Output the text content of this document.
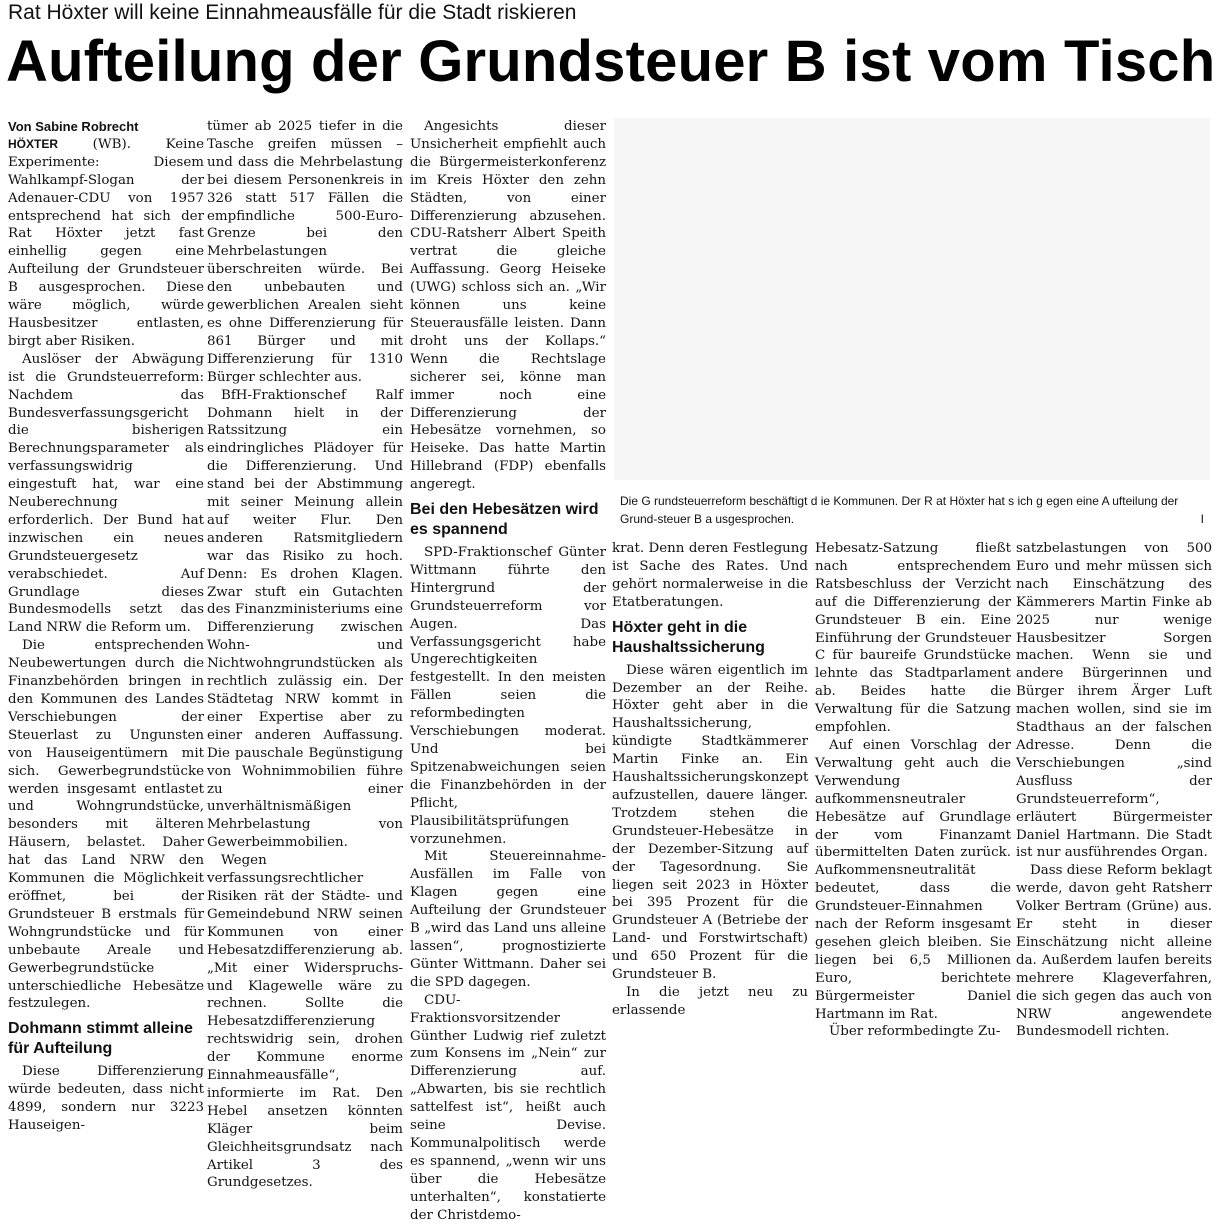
Rat Höxter will keine Einnahmeausfälle für die Stadt riskieren
Aufteilung der Grundsteuer B ist vom Tisch

Von Sabine Robrecht

HÖXTER	(WB). Keine Experimente: Diesem Wahlkampf-Slogan der Adenauer-CDU von 1957 entsprechend hat sich der Rat Höxter jetzt fast einhellig gegen eine Aufteilung der Grundsteuer B ausgesprochen. Diese wäre möglich, würde Hausbesitzer entlasten, birgt aber Risiken.

Auslöser der Abwägung ist die Grundsteuerreform: Nachdem das Bundesverfassungsgericht die bisherigen Berechnungsparameter als verfassungswidrig eingestuft hat, war eine Neuberechnung erforderlich. Der Bund hat inzwischen ein neues Grundsteuergesetz verabschiedet. Auf Grundlage dieses Bundesmodells setzt das Land NRW die Reform um.

Die entsprechenden Neubewertungen durch die Finanzbehörden bringen in den Kommunen des Landes Verschiebungen der Steuerlast zu Ungunsten von Hauseigentümern mit sich. Gewerbegrundstücke werden insgesamt entlastet und Wohngrundstücke, besonders mit älteren Häusern, belastet. Daher hat das Land NRW den Kommunen die Möglichkeit eröffnet, bei der Grundsteuer B erstmals für Wohngrundstücke und für unbebaute Areale und Gewerbegrundstücke unterschiedliche Hebesätze festzulegen.

Dohmann stimmt alleine für Aufteilung

Diese Differenzierung würde bedeuten, dass nicht 4899, sondern nur 3223 Hauseigen-

tümer ab 2025 tiefer in die Tasche greifen müssen – und dass die Mehrbelastung bei diesem Personenkreis in 326 statt 517 Fällen die empfindliche 500-Euro-Grenze bei den Mehrbelastungen überschreiten würde. Bei den unbebauten und gewerblichen Arealen sieht es ohne Differenzierung für 861 Bürger und mit Differenzierung für 1310 Bürger schlechter aus.

BfH-Fraktionschef Ralf Dohmann hielt in der Ratssitzung ein eindringliches Plädoyer für die Differenzierung. Und stand bei der Abstimmung mit seiner Meinung allein auf weiter Flur. Den anderen Ratsmitgliedern war das Risiko zu hoch. Denn: Es drohen Klagen. Zwar stuft ein Gutachten des Finanzministeriums eine Differenzierung zwischen Wohn- und Nichtwohngrundstücken als rechtlich zulässig ein. Der Städtetag NRW kommt in einer Expertise aber zu einer anderen Auffassung. Die pauschale Begünstigung von Wohnimmobilien führe zu einer unverhältnismäßigen Mehrbelastung von Gewerbeimmobilien.

Wegen verfassungsrechtlicher Risiken rät der Städte- und Gemeindebund NRW seinen Kommunen von einer Hebesatzdifferenzierung ab. „Mit einer Widerspruchs- und Klagewelle wäre zu rechnen. Sollte die Hebesatzdifferenzierung rechtswidrig sein, drohen der Kommune enorme Einnahmeausfälle“, informierte im Rat. Den Hebel ansetzen könnten Kläger beim Gleichheitsgrundsatz nach Artikel 3 des Grundgesetzes.

Angesichts dieser Unsicherheit empfiehlt auch die Bürgermeisterkonferenz im Kreis Höxter den zehn Städten, von einer Differenzierung abzusehen. CDU-Ratsherr Albert Speith vertrat die gleiche Auffassung. Georg Heiseke (UWG) schloss sich an. „Wir können uns keine Steuerausfälle leisten. Dann droht uns der Kollaps.“ Wenn die Rechtslage sicherer sei, könne man immer noch eine Differenzierung der Hebesätze vornehmen, so Heiseke. Das hatte Martin Hillebrand (FDP) ebenfalls angeregt.

Bei den Hebesätzen wird es spannend

SPD-Fraktionschef Günter Wittmann führte den Hintergrund der Grundsteuerreform vor Augen. Das Verfassungsgericht habe Ungerechtigkeiten festgestellt. In den meisten Fällen seien die reformbedingten Verschiebungen moderat. Und bei Spitzenabweichungen seien die Finanzbehörden in der Pflicht, Plausibilitätsprüfungen vorzunehmen.

Mit Steuereinnahme-Ausfällen im Falle von Klagen gegen eine Aufteilung der Grundsteuer B „wird das Land uns alleine lassen“, prognostizierte Günter Wittmann. Daher sei die SPD dagegen.

CDU-Fraktionsvorsitzender Günther Ludwig rief zuletzt zum Konsens im „Nein“ zur Differenzierung auf. „Abwarten, bis sie rechtlich sattelfest ist“, heißt auch seine Devise. Kommunalpolitisch werde es spannend, „wenn wir uns über die Hebesätze unterhalten“, konstatierte der Christdemo-

Die G rundsteuerreform beschäftigt d ie Kommunen. Der R at Höxter hat s ich g egen eine A ufteilung der Grund-steuer B a usgesprochen.	I

krat. Denn deren Festlegung ist Sache des Rates. Und gehört normalerweise in die Etatberatungen.

Höxter geht in die Haushaltssicherung

Diese wären eigentlich im Dezember an der Reihe. Höxter geht aber in die Haushaltssicherung, kündigte Stadtkämmerer Martin Finke an. Ein Haushaltssicherungskonzept aufzustellen, dauere länger. Trotzdem stehen die Grundsteuer-Hebesätze in der Dezember-Sitzung auf der Tagesordnung. Sie liegen seit 2023 in Höxter bei 395 Prozent für die Grundsteuer A (Betriebe der Land- und Forstwirtschaft) und 650 Prozent für die Grundsteuer B.

In die jetzt neu zu erlassende

Hebesatz-Satzung fließt nach entsprechendem Ratsbeschluss der Verzicht auf die Differenzierung der Grundsteuer B ein. Eine Einführung der Grundsteuer C für baureife Grundstücke lehnte das Stadtparlament ab. Beides hatte die Verwaltung für die Satzung empfohlen.

Auf einen Vorschlag der Verwaltung geht auch die Verwendung aufkommensneutraler Hebesätze auf Grundlage der vom Finanzamt übermittelten Daten zurück. Aufkommensneutralität bedeutet, dass die Grundsteuer-Einnahmen nach der Reform insgesamt gesehen gleich bleiben. Sie liegen bei 6,5 Millionen Euro, berichtete Bürgermeister Daniel Hartmann im Rat.

Über reformbedingte Zu-

satzbelastungen von 500 Euro und mehr müssen sich nach Einschätzung des Kämmerers Martin Finke ab 2025 nur wenige Hausbesitzer Sorgen machen. Wenn sie und andere Bürgerinnen und Bürger ihrem Ärger Luft machen wollen, sind sie im Stadthaus an der falschen Adresse. Denn die Verschiebungen „sind Ausfluss der Grundsteuerreform“, erläutert Bürgermeister Daniel Hartmann. Die Stadt ist nur ausführendes Organ.

Dass diese Reform beklagt werde, davon geht Ratsherr Volker Bertram (Grüne) aus. Er steht in dieser Einschätzung nicht alleine da. Außerdem laufen bereits mehrere Klageverfahren, die sich gegen das auch von NRW angewendete Bundesmodell richten.
